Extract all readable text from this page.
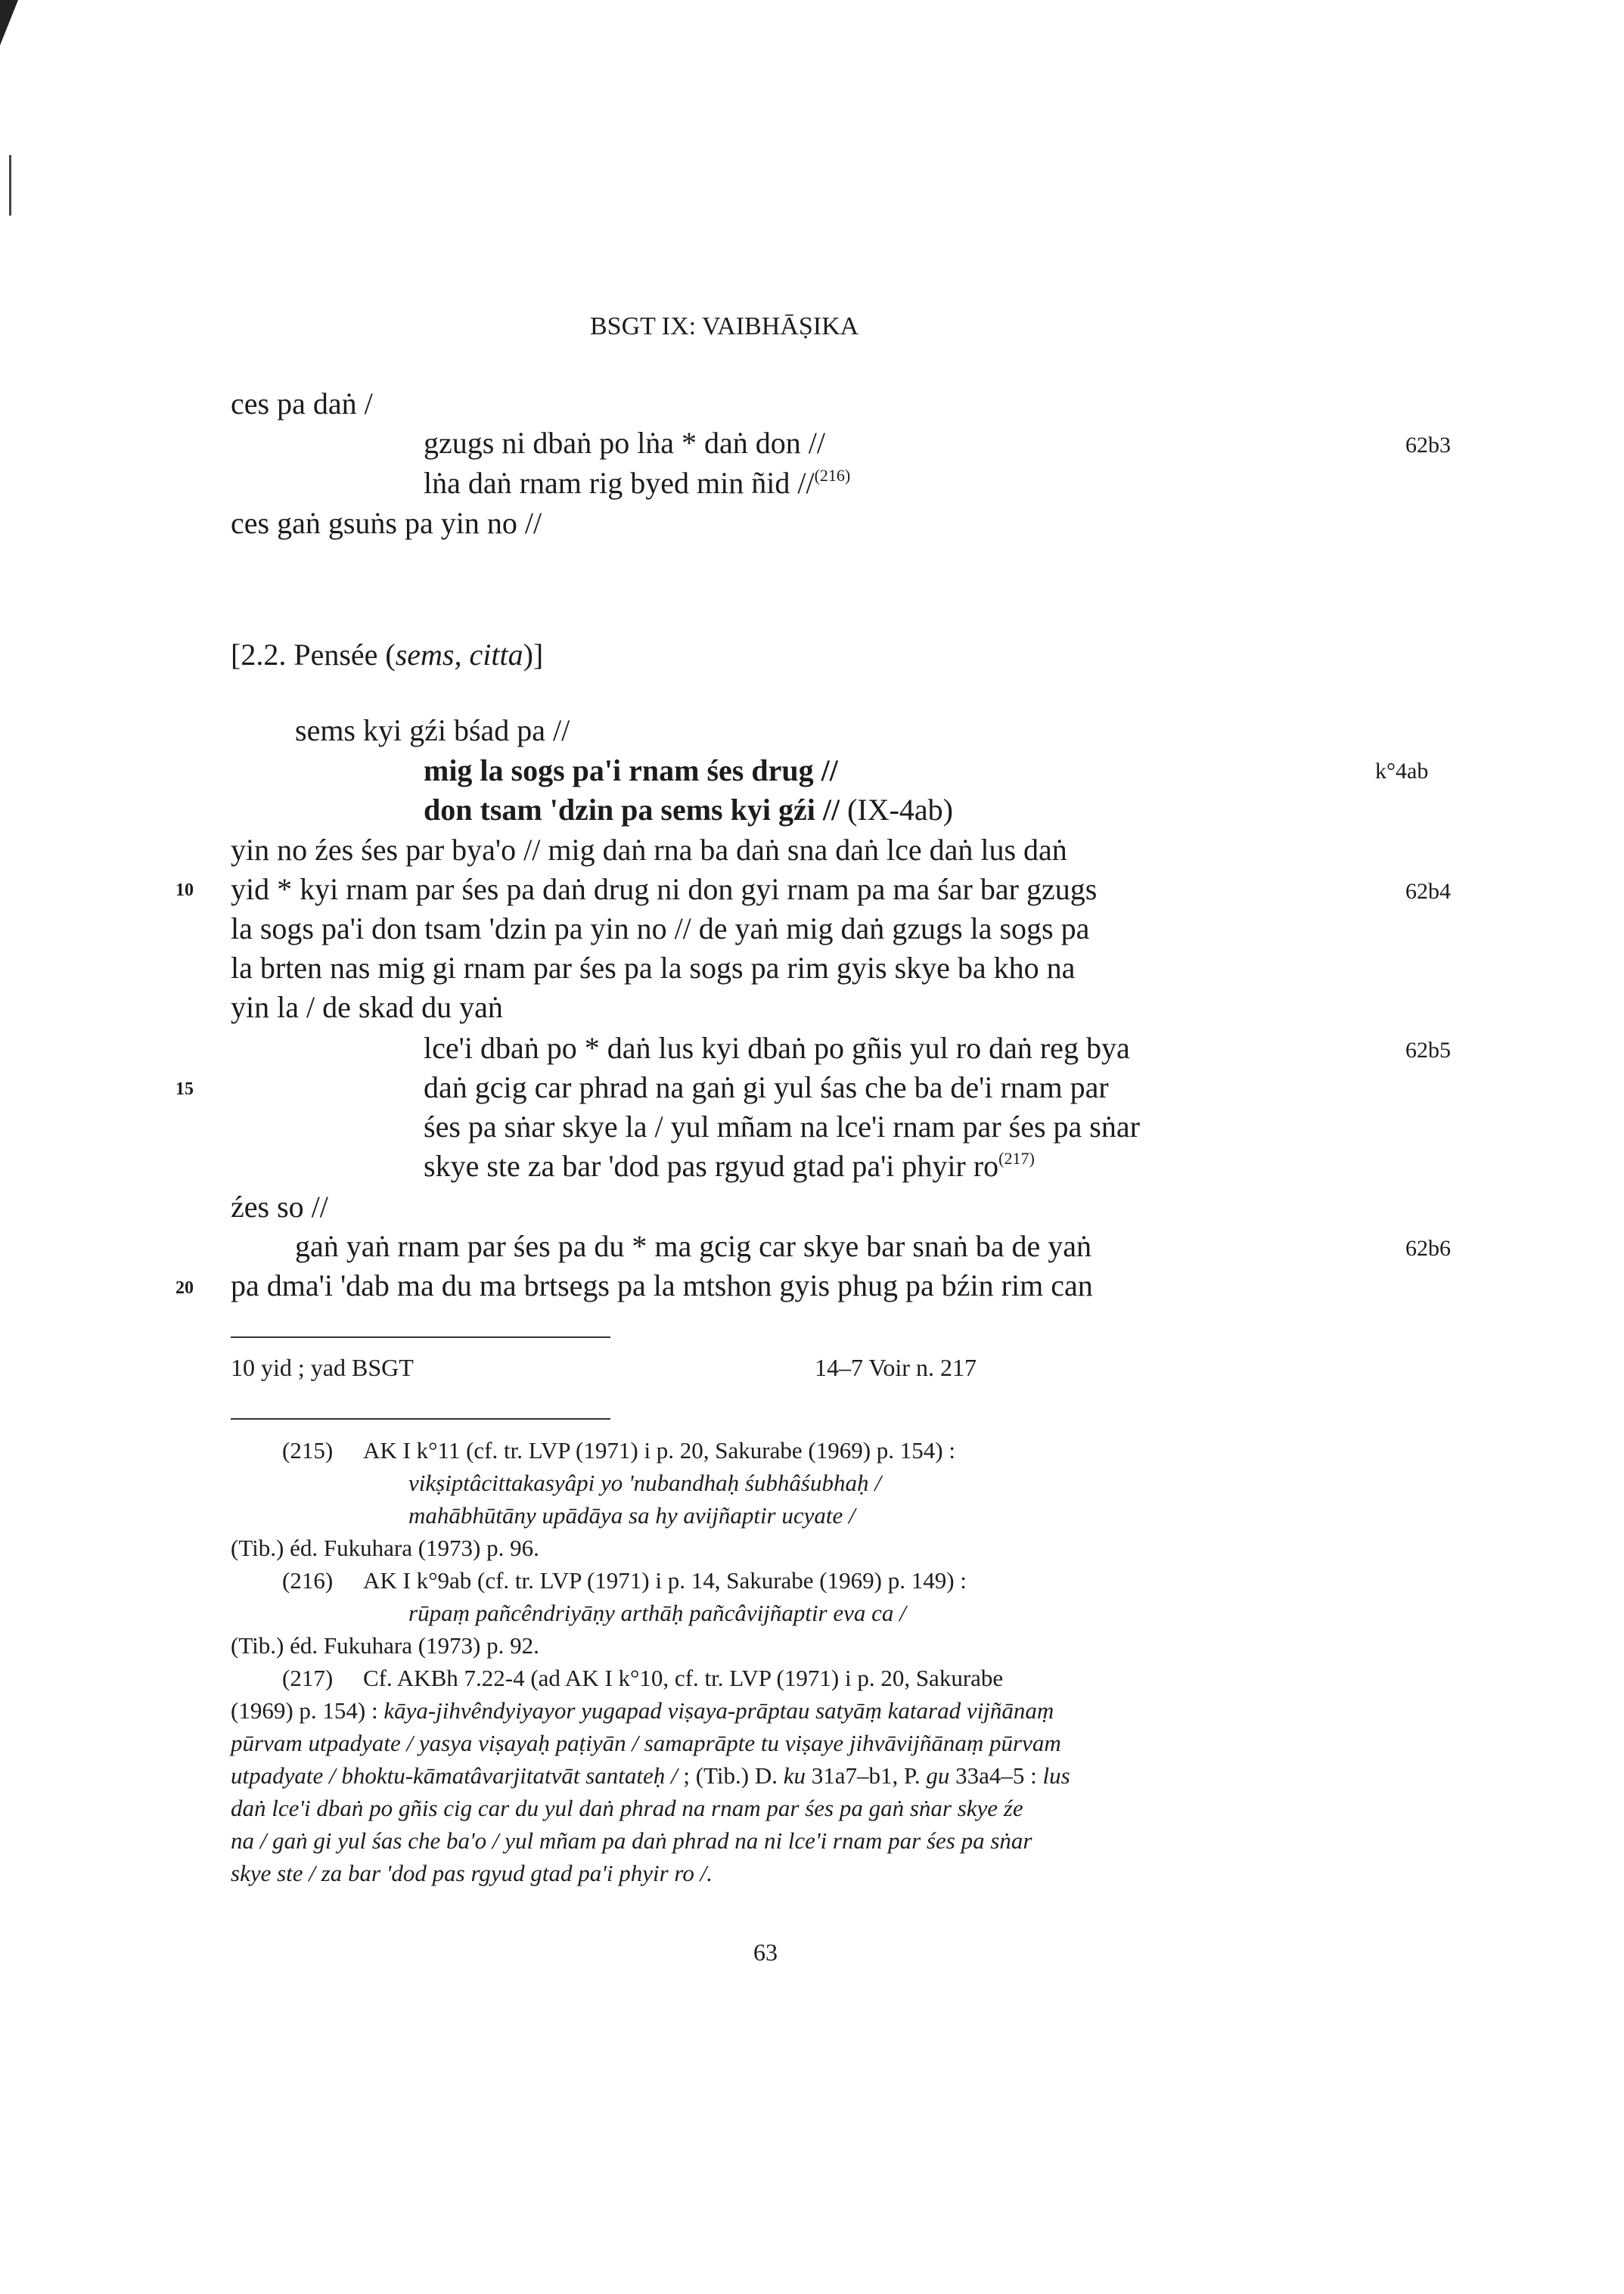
BSGT IX: VAIBHĀṢIKA
ces pa daṅ /
gzugs ni dbaṅ po lṅa * daṅ don //	62b3
lṅa daṅ rnam rig byed min ñid //$^{(216)}$
ces gaṅ gsuṅs pa yin no //
[2.2. Pensée (sems, citta)]
sems kyi gźi bśad pa //
mig la sogs pa'i rnam śes drug //	k°4ab
don tsam 'dzin pa sems kyi gźi // (IX-4ab)
yin no źes śes par bya'o // mig daṅ rna ba daṅ sna daṅ lce daṅ lus daṅ
10 yid * kyi rnam par śes pa daṅ drug ni don gyi rnam pa ma śar bar gzugs	62b4
la sogs pa'i don tsam 'dzin pa yin no // de yaṅ mig daṅ gzugs la sogs pa
la brten nas mig gi rnam par śes pa la sogs pa rim gyis skye ba kho na
yin la / de skad du yaṅ
lce'i dbaṅ po * daṅ lus kyi dbaṅ po gñis yul ro daṅ reg bya	62b5
15	daṅ gcig car phrad na gaṅ gi yul śas che ba de'i rnam par
śes pa sṅar skye la / yul mñam na lce'i rnam par śes pa sṅar
skye ste za bar 'dod pas rgyud gtad pa'i phyir $ro^{(217)}$
źes so //
gaṅ yaṅ rnam par śes pa du * ma gcig car skye bar snaṅ ba de yaṅ	62b6
20 pa dma'i 'dab ma du ma brtsegs pa la mtshon gyis phug pa bźin rim can
10 yid ; yad BSGT	14–7 Voir n. 217
(215) AK I k°11 (cf. tr. LVP (1971) i p. 20, Sakurabe (1969) p. 154) :
vikṣiptâcittakasyâpi yo 'nubandhaḥ śubhâśubhaḥ /
mahābhūtāny upādāya sa hy avijñaptir ucyate /
(Tib.) éd. Fukuhara (1973) p. 96.
(216) AK I k°9ab (cf. tr. LVP (1971) i p. 14, Sakurabe (1969) p. 149) :
rūpaṃ pañcêndriyāṇy arthāḥ pañcâvijñaptir eva ca /
(Tib.) éd. Fukuhara (1973) p. 92.
(217) Cf. AKBh 7.22-4 (ad AK I k°10, cf. tr. LVP (1971) i p. 20, Sakurabe
(1969) p. 154) : kāya-jihvêndyiyayor yugapad viṣaya-prāptau satyāṃ katarad vijñānaṃ
pūrvam utpadyate / yasya viṣayaḥ paṭiyān / samaprāpte tu viṣaye jihvāvijñānaṃ pūrvam
utpadyate / bhoktu-kāmatâvarjitatvāt santateḥ / ; (Tib.) D. ku 31a7–b1, P. gu 33a4–5 : lus
daṅ lce'i dbaṅ po gñis cig car du yul daṅ phrad na rnam par śes pa gaṅ sṅar skye źe
na / gaṅ gi yul śas che ba'o / yul mñam pa daṅ phrad na ni lce'i rnam par śes pa sṅar
skye ste / za bar 'dod pas rgyud gtad pa'i phyir ro /.
63
